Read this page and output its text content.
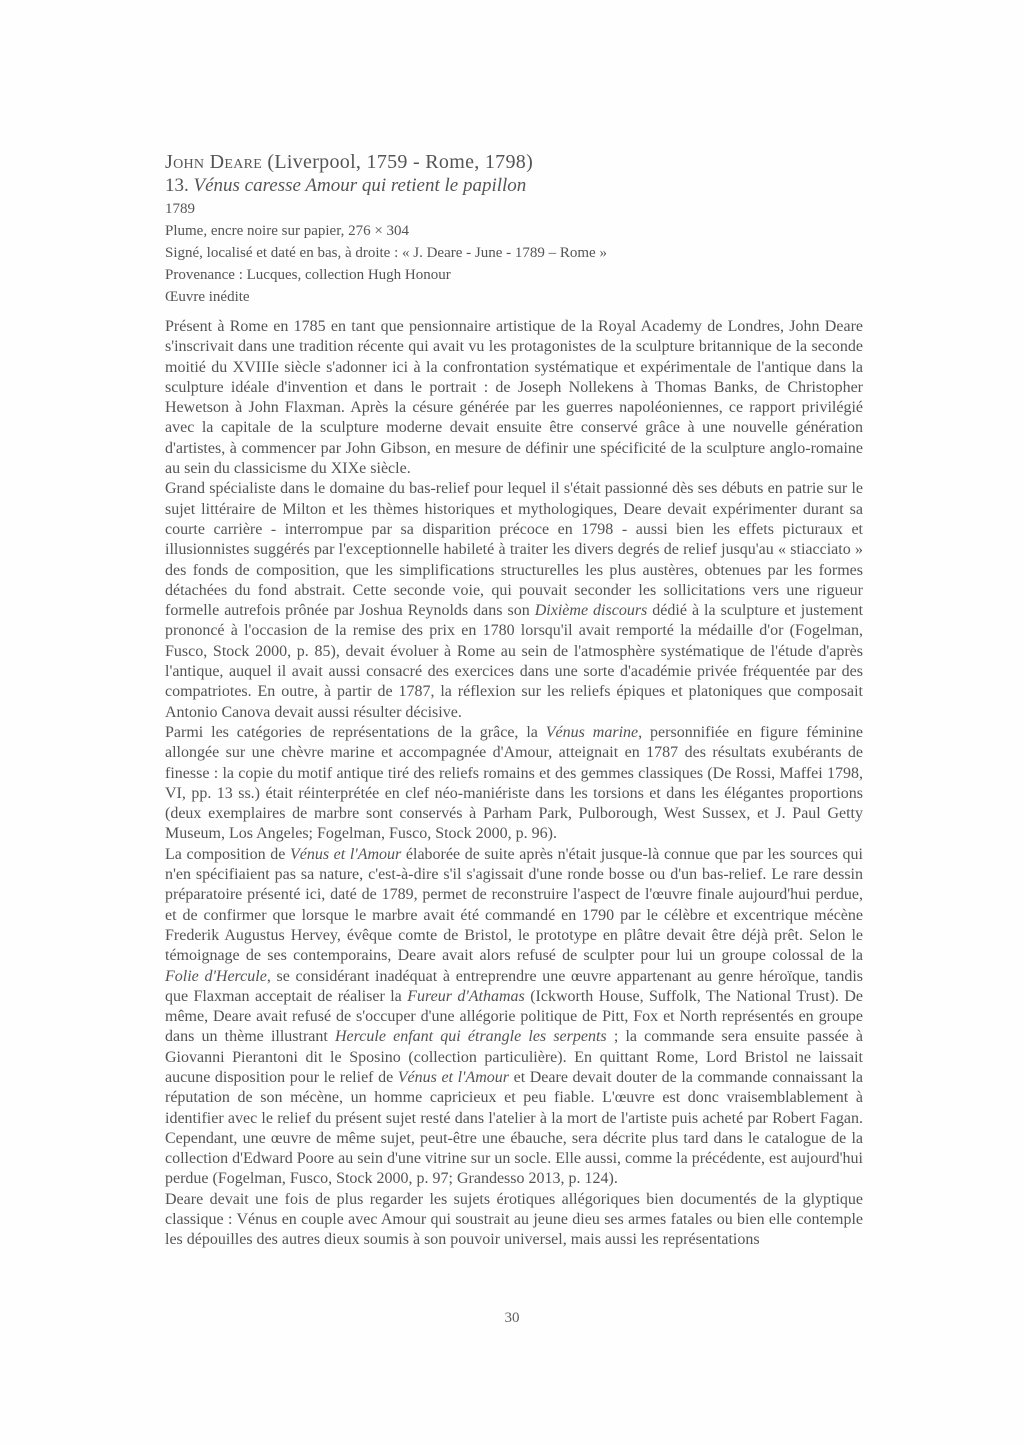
John Deare (Liverpool, 1759 - Rome, 1798)
13. Vénus caresse Amour qui retient le papillon
1789
Plume, encre noire sur papier, 276 × 304
Signé, localisé et daté en bas, à droite : « J. Deare - June - 1789 – Rome »
Provenance : Lucques, collection Hugh Honour
Œuvre inédite

Présent à Rome en 1785 en tant que pensionnaire artistique de la Royal Academy de Londres, John Deare s'inscrivait dans une tradition récente qui avait vu les protagonistes de la sculpture britannique de la seconde moitié du XVIIIe siècle s'adonner ici à la confrontation systématique et expérimentale de l'antique dans la sculpture idéale d'invention et dans le portrait : de Joseph Nollekens à Thomas Banks, de Christopher Hewetson à John Flaxman. Après la césure générée par les guerres napoléoniennes, ce rapport privilégié avec la capitale de la sculpture moderne devait ensuite être conservé grâce à une nouvelle génération d'artistes, à commencer par John Gibson, en mesure de définir une spécificité de la sculpture anglo-romaine au sein du classicisme du XIXe siècle.

Grand spécialiste dans le domaine du bas-relief pour lequel il s'était passionné dès ses débuts en patrie sur le sujet littéraire de Milton et les thèmes historiques et mythologiques, Deare devait expérimenter durant sa courte carrière - interrompue par sa disparition précoce en 1798 - aussi bien les effets picturaux et illusionnistes suggérés par l'exceptionnelle habileté à traiter les divers degrés de relief jusqu'au « stiacciato » des fonds de composition, que les simplifications structurelles les plus austères, obtenues par les formes détachées du fond abstrait. Cette seconde voie, qui pouvait seconder les sollicitations vers une rigueur formelle autrefois prônée par Joshua Reynolds dans son Dixième discours dédié à la sculpture et justement prononcé à l'occasion de la remise des prix en 1780 lorsqu'il avait remporté la médaille d'or (Fogelman, Fusco, Stock 2000, p. 85), devait évoluer à Rome au sein de l'atmosphère systématique de l'étude d'après l'antique, auquel il avait aussi consacré des exercices dans une sorte d'académie privée fréquentée par des compatriotes. En outre, à partir de 1787, la réflexion sur les reliefs épiques et platoniques que composait Antonio Canova devait aussi résulter décisive.

Parmi les catégories de représentations de la grâce, la Vénus marine, personnifiée en figure féminine allongée sur une chèvre marine et accompagnée d'Amour, atteignait en 1787 des résultats exubérants de finesse : la copie du motif antique tiré des reliefs romains et des gemmes classiques (De Rossi, Maffei 1798, VI, pp. 13 ss.) était réinterprétée en clef néo-maniériste dans les torsions et dans les élégantes proportions (deux exemplaires de marbre sont conservés à Parham Park, Pulborough, West Sussex, et J. Paul Getty Museum, Los Angeles; Fogelman, Fusco, Stock 2000, p. 96).

La composition de Vénus et l'Amour élaborée de suite après n'était jusque-là connue que par les sources qui n'en spécifiaient pas sa nature, c'est-à-dire s'il s'agissait d'une ronde bosse ou d'un bas-relief. Le rare dessin préparatoire présenté ici, daté de 1789, permet de reconstruire l'aspect de l'œuvre finale aujourd'hui perdue, et de confirmer que lorsque le marbre avait été commandé en 1790 par le célèbre et excentrique mécène Frederik Augustus Hervey, évêque comte de Bristol, le prototype en plâtre devait être déjà prêt. Selon le témoignage de ses contemporains, Deare avait alors refusé de sculpter pour lui un groupe colossal de la Folie d'Hercule, se considérant inadéquat à entreprendre une œuvre appartenant au genre héroïque, tandis que Flaxman acceptait de réaliser la Fureur d'Athamas (Ickworth House, Suffolk, The National Trust). De même, Deare avait refusé de s'occuper d'une allégorie politique de Pitt, Fox et North représentés en groupe dans un thème illustrant Hercule enfant qui étrangle les serpents ; la commande sera ensuite passée à Giovanni Pierantoni dit le Sposino (collection particulière). En quittant Rome, Lord Bristol ne laissait aucune disposition pour le relief de Vénus et l'Amour et Deare devait douter de la commande connaissant la réputation de son mécène, un homme capricieux et peu fiable. L'œuvre est donc vraisemblablement à identifier avec le relief du présent sujet resté dans l'atelier à la mort de l'artiste puis acheté par Robert Fagan. Cependant, une œuvre de même sujet, peut-être une ébauche, sera décrite plus tard dans le catalogue de la collection d'Edward Poore au sein d'une vitrine sur un socle. Elle aussi, comme la précédente, est aujourd'hui perdue (Fogelman, Fusco, Stock 2000, p. 97; Grandesso 2013, p. 124).

Deare devait une fois de plus regarder les sujets érotiques allégoriques bien documentés de la glyptique classique : Vénus en couple avec Amour qui soustrait au jeune dieu ses armes fatales ou bien elle contemple les dépouilles des autres dieux soumis à son pouvoir universel, mais aussi les représentations

30
